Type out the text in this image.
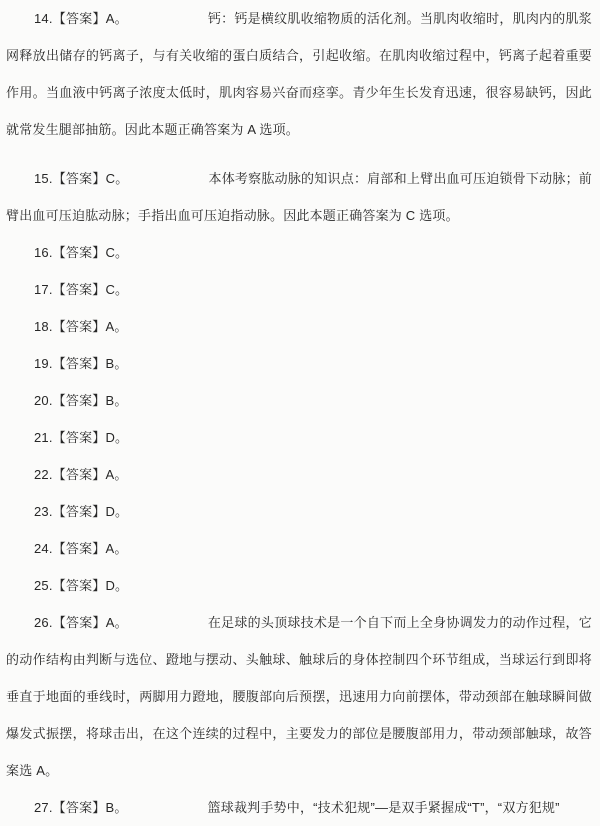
14.【答案】A。	钙：钙是横纹肌收缩物质的活化剂。当肌肉收缩时，肌肉内的肌浆网释放出储存的钙离子，与有关收缩的蛋白质结合，引起收缩。在肌肉收缩过程中，钙离子起着重要作用。当血液中钙离子浓度太低时，肌肉容易兴奋而痉挛。青少年生长发育迅速，很容易缺钙，因此就常发生腿部抽筋。因此本题正确答案为 A 选项。

15.【答案】C。	本体考察肱动脉的知识点：肩部和上臂出血可压迫锁骨下动脉；前臂出血可压迫肱动脉；手指出血可压迫指动脉。因此本题正确答案为 C 选项。

16.【答案】C。

17.【答案】C。

18.【答案】A。

19.【答案】B。

20.【答案】B。

21.【答案】D。

22.【答案】A。

23.【答案】D。

24.【答案】A。

25.【答案】D。

26.【答案】A。	在足球的头顶球技术是一个自下而上全身协调发力的动作过程，它的动作结构由判断与选位、蹬地与摆动、头触球、触球后的身体控制四个环节组成，当球运行到即将垂直于地面的垂线时，两脚用力蹬地，腰腹部向后预摆，迅速用力向前摆体，带动颈部在触球瞬间做爆发式振摆，将球击出，在这个连续的过程中，主要发力的部位是腰腹部用力，带动颈部触球，故答案选 A。

27.【答案】B。	篮球裁判手势中，“技术犯规”—是双手紧握成“T”，“双方犯规”
